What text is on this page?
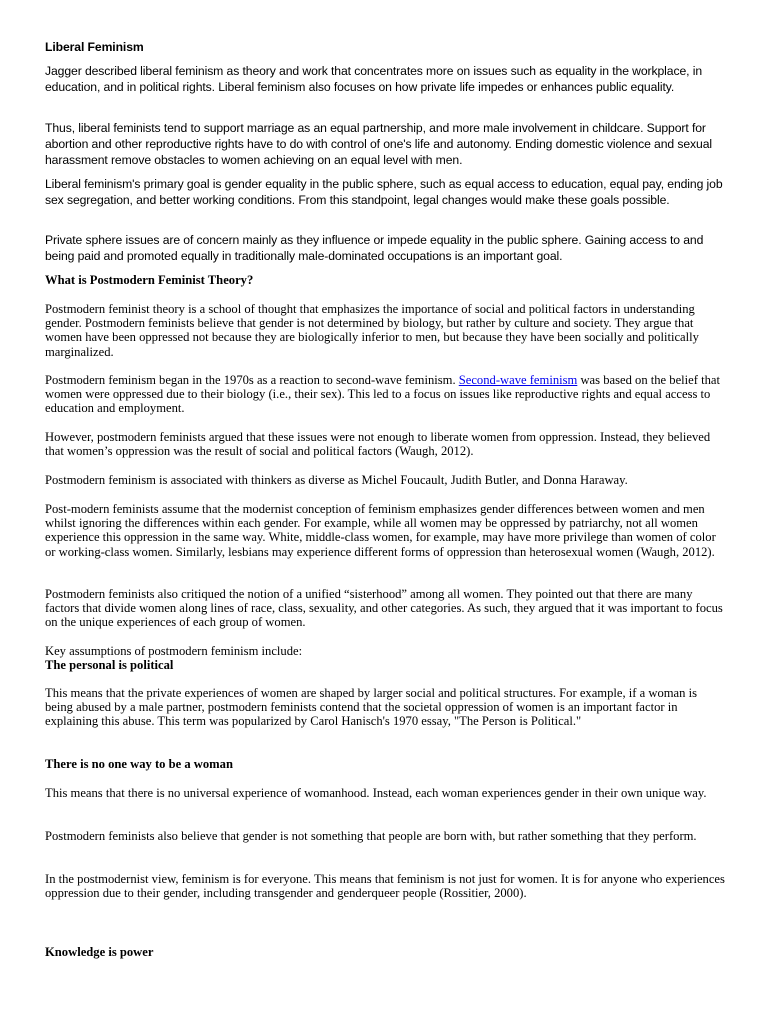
Liberal Feminism

Jagger described liberal feminism as theory and work that concentrates more on issues such as equality in the workplace, in education, and in political rights. Liberal feminism also focuses on how private life impedes or enhances public equality.

Thus, liberal feminists tend to support marriage as an equal partnership, and more male involvement in childcare. Support for abortion and other reproductive rights have to do with control of one's life and autonomy. Ending domestic violence and sexual harassment remove obstacles to women achieving on an equal level with men.

Liberal feminism's primary goal is gender equality in the public sphere, such as equal access to education, equal pay, ending job sex segregation, and better working conditions. From this standpoint, legal changes would make these goals possible.

Private sphere issues are of concern mainly as they influence or impede equality in the public sphere. Gaining access to and being paid and promoted equally in traditionally male-dominated occupations is an important goal.

What is Postmodern Feminist Theory?

Postmodern feminist theory is a school of thought that emphasizes the importance of social and political factors in understanding gender. Postmodern feminists believe that gender is not determined by biology, but rather by culture and society. They argue that women have been oppressed not because they are biologically inferior to men, but because they have been socially and politically marginalized.

Postmodern feminism began in the 1970s as a reaction to second-wave feminism. Second-wave feminism was based on the belief that women were oppressed due to their biology (i.e., their sex). This led to a focus on issues like reproductive rights and equal access to education and employment.

However, postmodern feminists argued that these issues were not enough to liberate women from oppression. Instead, they believed that women’s oppression was the result of social and political factors (Waugh, 2012).

Postmodern feminism is associated with thinkers as diverse as Michel Foucault, Judith Butler, and Donna Haraway.

Post-modern feminists assume that the modernist conception of feminism emphasizes gender differences between women and men whilst ignoring the differences within each gender. For example, while all women may be oppressed by patriarchy, not all women experience this oppression in the same way. White, middle-class women, for example, may have more privilege than women of color or working-class women. Similarly, lesbians may experience different forms of oppression than heterosexual women (Waugh, 2012).

Postmodern feminists also critiqued the notion of a unified “sisterhood” among all women. They pointed out that there are many factors that divide women along lines of race, class, sexuality, and other categories. As such, they argued that it was important to focus on the unique experiences of each group of women.

Key assumptions of postmodern feminism include:

The personal is political

This means that the private experiences of women are shaped by larger social and political structures. For example, if a woman is being abused by a male partner, postmodern feminists contend that the societal oppression of women is an important factor in explaining this abuse. This term was popularized by Carol Hanisch's 1970 essay, "The Person is Political."

There is no one way to be a woman

This means that there is no universal experience of womanhood. Instead, each woman experiences gender in their own unique way.

Postmodern feminists also believe that gender is not something that people are born with, but rather something that they perform.

In the postmodernist view, feminism is for everyone. This means that feminism is not just for women. It is for anyone who experiences oppression due to their gender, including transgender and genderqueer people (Rossitier, 2000).

Knowledge is power
